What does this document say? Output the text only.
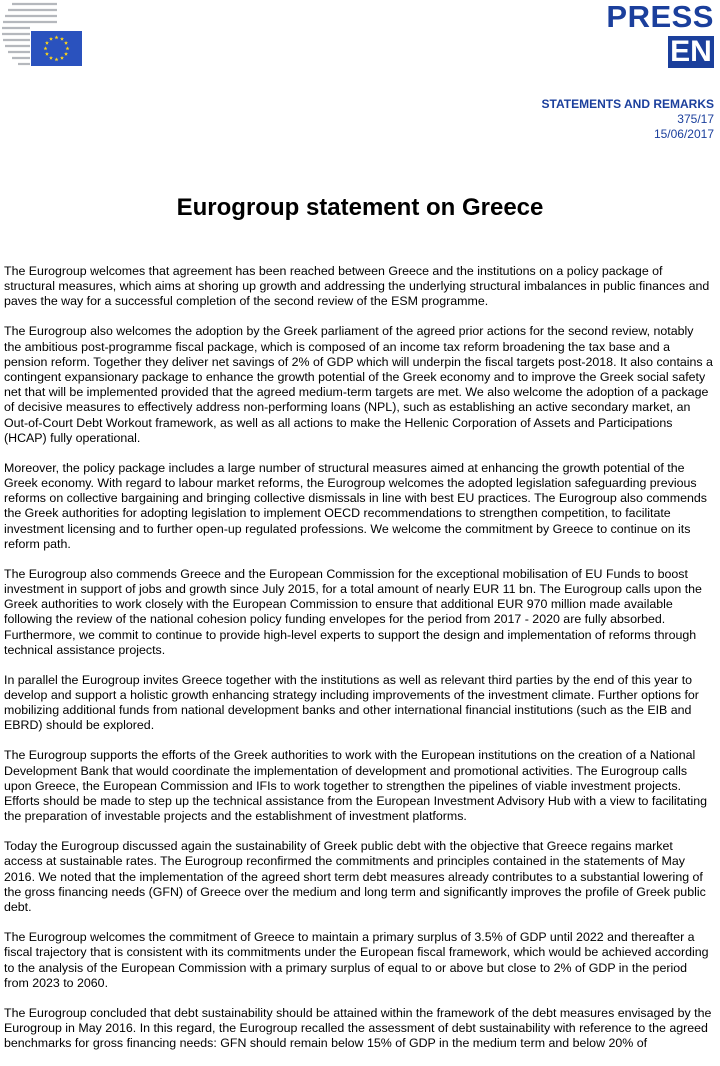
PRESS
EN
STATEMENTS AND REMARKS
375/17
15/06/2017
Eurogroup statement on Greece

The Eurogroup welcomes that agreement has been reached between Greece and the institutions on a policy package of structural measures, which aims at shoring up growth and addressing the underlying structural imbalances in public finances and paves the way for a successful completion of the second review of the ESM programme.

The Eurogroup also welcomes the adoption by the Greek parliament of the agreed prior actions for the second review, notably the ambitious post-programme fiscal package, which is composed of an income tax reform broadening the tax base and a pension reform. Together they deliver net savings of 2% of GDP which will underpin the fiscal targets post-2018. It also contains a contingent expansionary package to enhance the growth potential of the Greek economy and to improve the Greek social safety net that will be implemented provided that the agreed medium-term targets are met. We also welcome the adoption of a package of decisive measures to effectively address non-performing loans (NPL), such as establishing an active secondary market, an Out-of-Court Debt Workout framework, as well as all actions to make the Hellenic Corporation of Assets and Participations (HCAP) fully operational.

Moreover, the policy package includes a large number of structural measures aimed at enhancing the growth potential of the Greek economy. With regard to labour market reforms, the Eurogroup welcomes the adopted legislation safeguarding previous reforms on collective bargaining and bringing collective dismissals in line with best EU practices. The Eurogroup also commends the Greek authorities for adopting legislation to implement OECD recommendations to strengthen competition, to facilitate investment licensing and to further open-up regulated professions. We welcome the commitment by Greece to continue on its reform path.

The Eurogroup also commends Greece and the European Commission for the exceptional mobilisation of EU Funds to boost investment in support of jobs and growth since July 2015, for a total amount of nearly EUR 11 bn. The Eurogroup calls upon the Greek authorities to work closely with the European Commission to ensure that additional EUR 970 million made available following the review of the national cohesion policy funding envelopes for the period from 2017 - 2020 are fully absorbed. Furthermore, we commit to continue to provide high-level experts to support the design and implementation of reforms through technical assistance projects.

In parallel the Eurogroup invites Greece together with the institutions as well as relevant third parties by the end of this year to develop and support a holistic growth enhancing strategy including improvements of the investment climate. Further options for mobilizing additional funds from national development banks and other international financial institutions (such as the EIB and EBRD) should be explored.

The Eurogroup supports the efforts of the Greek authorities to work with the European institutions on the creation of a National Development Bank that would coordinate the implementation of development and promotional activities. The Eurogroup calls upon Greece, the European Commission and IFIs to work together to strengthen the pipelines of viable investment projects. Efforts should be made to step up the technical assistance from the European Investment Advisory Hub with a view to facilitating the preparation of investable projects and the establishment of investment platforms.

Today the Eurogroup discussed again the sustainability of Greek public debt with the objective that Greece regains market access at sustainable rates. The Eurogroup reconfirmed the commitments and principles contained in the statements of May 2016. We noted that the implementation of the agreed short term debt measures already contributes to a substantial lowering of the gross financing needs (GFN) of Greece over the medium and long term and significantly improves the profile of Greek public debt.

The Eurogroup welcomes the commitment of Greece to maintain a primary surplus of 3.5% of GDP until 2022 and thereafter a fiscal trajectory that is consistent with its commitments under the European fiscal framework, which would be achieved according to the analysis of the European Commission with a primary surplus of equal to or above but close to 2% of GDP in the period from 2023 to 2060.

The Eurogroup concluded that debt sustainability should be attained within the framework of the debt measures envisaged by the Eurogroup in May 2016. In this regard, the Eurogroup recalled the assessment of debt sustainability with reference to the agreed benchmarks for gross financing needs: GFN should remain below 15% of GDP in the medium term and below 20% of
